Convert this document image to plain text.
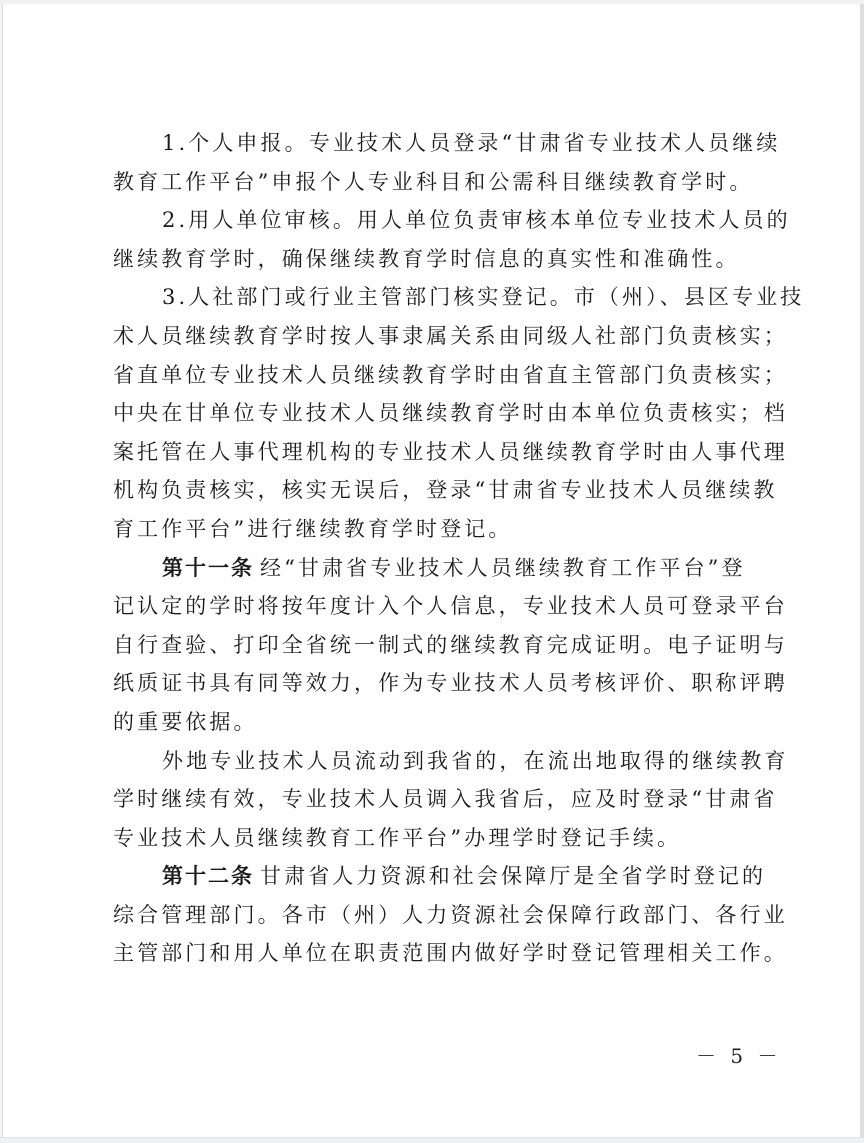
1.个人申报。专业技术人员登录“甘肃省专业技术人员继续
教育工作平台”申报个人专业科目和公需科目继续教育学时。
2.用人单位审核。用人单位负责审核本单位专业技术人员的
继续教育学时，确保继续教育学时信息的真实性和准确性。
3.人社部门或行业主管部门核实登记。市（州）、县区专业技
术人员继续教育学时按人事隶属关系由同级人社部门负责核实；
省直单位专业技术人员继续教育学时由省直主管部门负责核实；
中央在甘单位专业技术人员继续教育学时由本单位负责核实；档
案托管在人事代理机构的专业技术人员继续教育学时由人事代理
机构负责核实，核实无误后，登录“甘肃省专业技术人员继续教
育工作平台”进行继续教育学时登记。
第十一条 经“甘肃省专业技术人员继续教育工作平台”登
记认定的学时将按年度计入个人信息，专业技术人员可登录平台
自行查验、打印全省统一制式的继续教育完成证明。电子证明与
纸质证书具有同等效力，作为专业技术人员考核评价、职称评聘
的重要依据。
外地专业技术人员流动到我省的，在流出地取得的继续教育
学时继续有效，专业技术人员调入我省后，应及时登录“甘肃省
专业技术人员继续教育工作平台”办理学时登记手续。
第十二条 甘肃省人力资源和社会保障厅是全省学时登记的
综合管理部门。各市（州）人力资源社会保障行政部门、各行业
主管部门和用人单位在职责范围内做好学时登记管理相关工作。
－ 5 －
